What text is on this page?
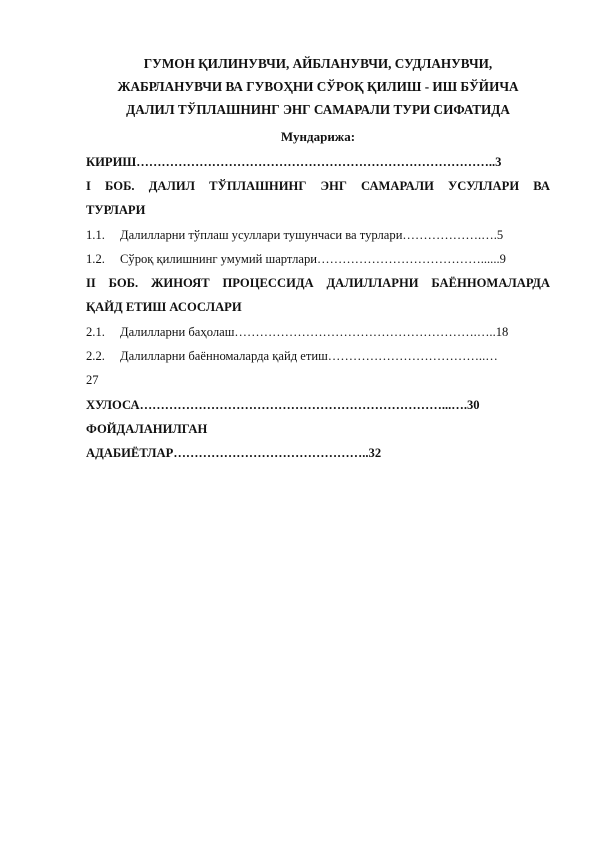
ГУМОН ҚИЛИНУВЧИ, АЙБЛАНУВЧИ, СУДЛАНУВЧИ,
ЖАБРЛАНУВЧИ ВА ГУВОҲНИ СЎРОҚ ҚИЛИШ - ИШ БЎЙИЧА
ДАЛИЛ ТЎПЛАШНИНГ ЭНГ САМАРАЛИ ТУРИ СИФАТИДА
Мундарижа:
КИРИШ…………………………………………………………………………..3
I БОБ. ДАЛИЛ ТЎПЛАШНИНГ ЭНГ САМАРАЛИ УСУЛЛАРИ ВА
ТУРЛАРИ
1.1. Далилларни тўплаш усуллари тушунчаси ва турлари……………….….5
1.2. Сўроқ қилишнинг умумий шартлари…………………………………......9
II БОБ. ЖИНОЯТ ПРОЦЕССИДА ДАЛИЛЛАРНИ БАЁННОМАЛАРДА
ҚАЙД ЕТИШ АСОСЛАРИ
2.1. Далилларни баҳолаш………………………………………………….…..18
2.2. Далилларни баённомаларда қайд етиш………………………………..…
27
ХУЛОСА………………………………………………………………...….30
ФОЙДАЛАНИЛГАН
АДАБИЁТЛАР………………………………………..32
